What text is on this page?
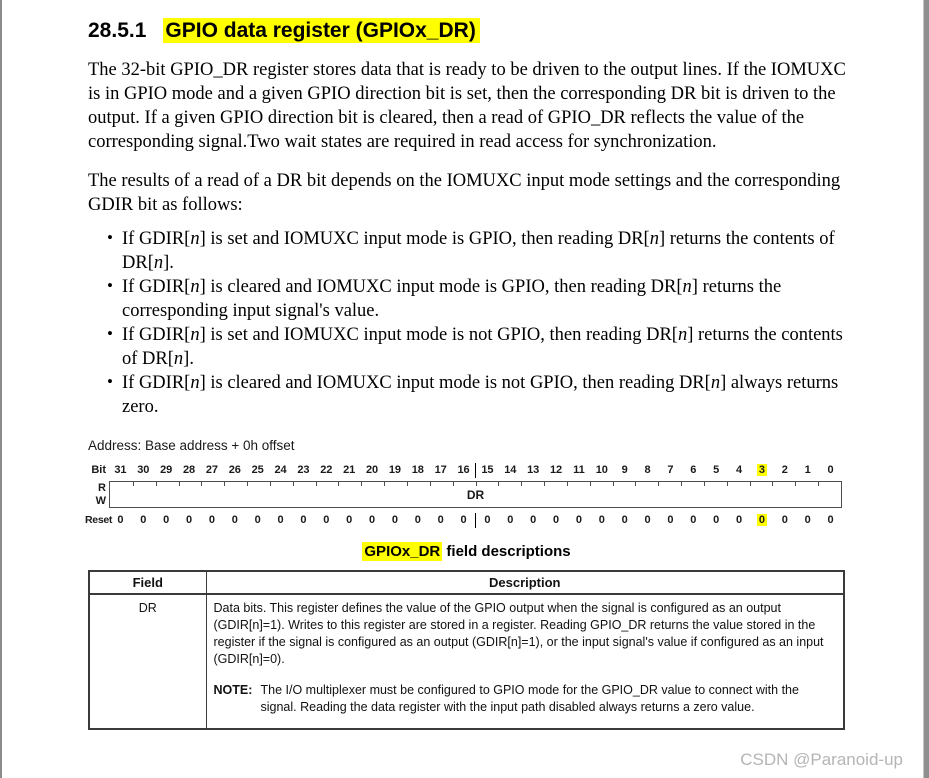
28.5.1 GPIO data register (GPIOx_DR)

The 32-bit GPIO_DR register stores data that is ready to be driven to the output lines. If the IOMUXC is in GPIO mode and a given GPIO direction bit is set, then the corresponding DR bit is driven to the output. If a given GPIO direction bit is cleared, then a read of GPIO_DR reflects the value of the corresponding signal.Two wait states are required in read access for synchronization.

The results of a read of a DR bit depends on the IOMUXC input mode settings and the corresponding GDIR bit as follows:

• If GDIR[n] is set and IOMUXC input mode is GPIO, then reading DR[n] returns the contents of DR[n].
• If GDIR[n] is cleared and IOMUXC input mode is GPIO, then reading DR[n] returns the corresponding input signal's value.
• If GDIR[n] is set and IOMUXC input mode is not GPIO, then reading DR[n] returns the contents of DR[n].
• If GDIR[n] is cleared and IOMUXC input mode is not GPIO, then reading DR[n] always returns zero.
Address: Base address + 0h offset
Bit 31 30 29 28 27 26 25 24 23 22 21 20 19 18 17 16	15 14 13 12 11 10	9	8	7	6	5	4	3	2	1	0
R
W	DR
Reset 0	0	0	0	0	0	0	0	0	0	0	0	0	0	0	0	0	0	0	0	0	0	0	0	0	0	0	0	0	0	0	0
GPIOx_DR field descriptions
Field	Description
DR	Data bits. This register defines the value of the GPIO output when the signal is configured as an output (GDIR[n]=1). Writes to this register are stored in a register. Reading GPIO_DR returns the value stored in the register if the signal is configured as an output (GDIR[n]=1), or the input signal's value if configured as an input (GDIR[n]=0).
NOTE: The I/O multiplexer must be configured to GPIO mode for the GPIO_DR value to connect with the signal. Reading the data register with the input path disabled always returns a zero value.
CSDN @Paranoid-up
